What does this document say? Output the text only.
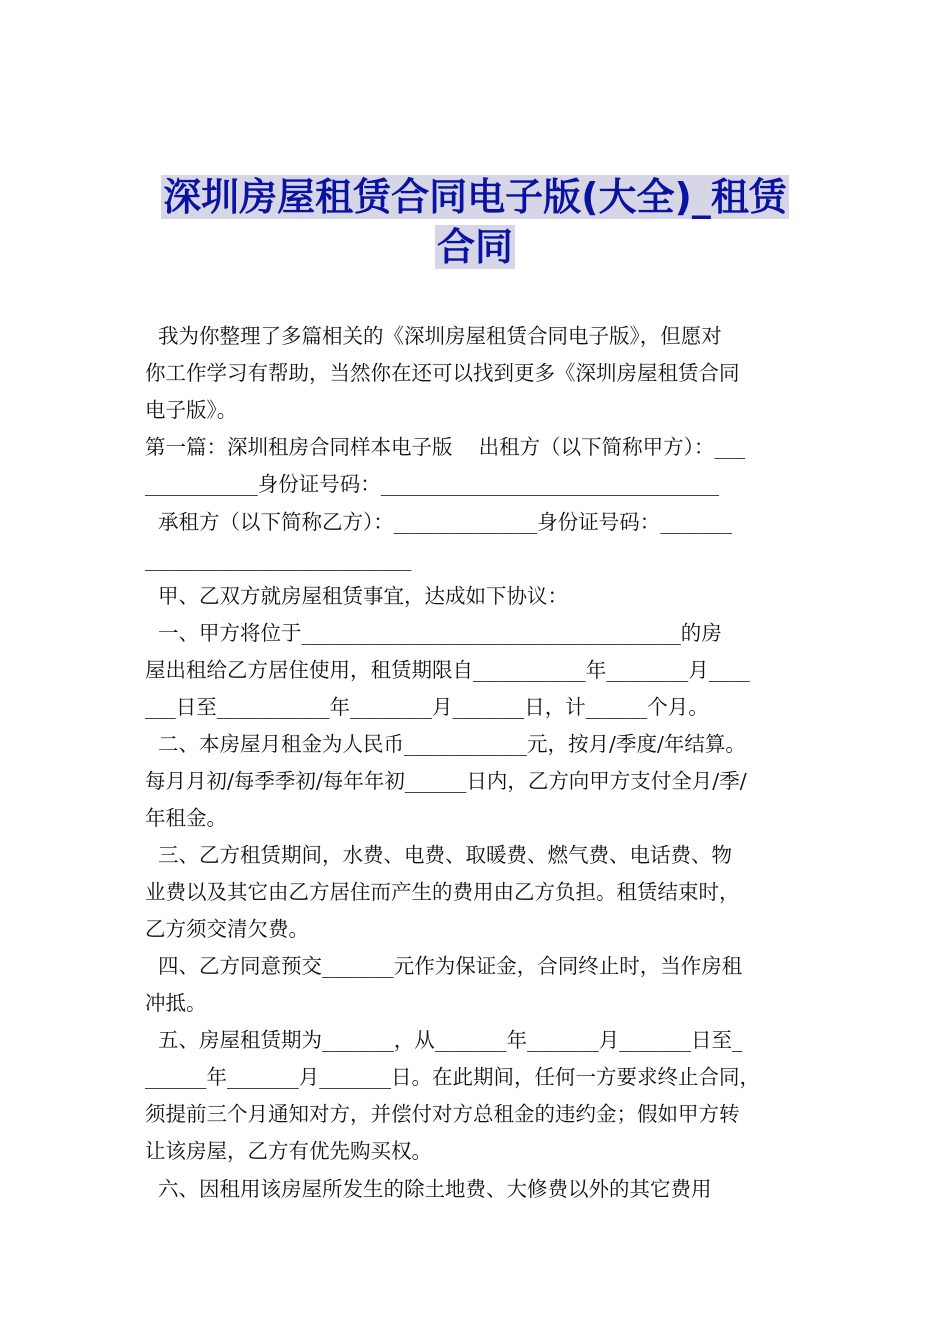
深圳房屋租赁合同电子版(大全)_租赁
合同
我为你整理了多篇相关的《深圳房屋租赁合同电子版》，但愿对
你工作学习有帮助，当然你在还可以找到更多《深圳房屋租赁合同
电子版》。
第一篇：深圳租房合同样本电子版    出租方（以下简称甲方）：___
___________身份证号码：_________________________________
承租方（以下简称乙方）：______________身份证号码：_______
__________________________
甲、乙双方就房屋租赁事宜，达成如下协议：
一、甲方将位于_____________________________________的房
屋出租给乙方居住使用，租赁期限自___________年________月____
___日至___________年________月_______日，计______个月。
二、本房屋月租金为人民币____________元，按月/季度/年结算。
每月月初/每季季初/每年年初______日内，乙方向甲方支付全月/季/
年租金。
三、乙方租赁期间，水费、电费、取暖费、燃气费、电话费、物
业费以及其它由乙方居住而产生的费用由乙方负担。租赁结束时，
乙方须交清欠费。
四、乙方同意预交_______元作为保证金，合同终止时，当作房租
冲抵。
五、房屋租赁期为_______，从_______年_______月_______日至_
______年_______月_______日。在此期间，任何一方要求终止合同，
须提前三个月通知对方，并偿付对方总租金的违约金；假如甲方转
让该房屋，乙方有优先购买权。
六、因租用该房屋所发生的除土地费、大修费以外的其它费用
